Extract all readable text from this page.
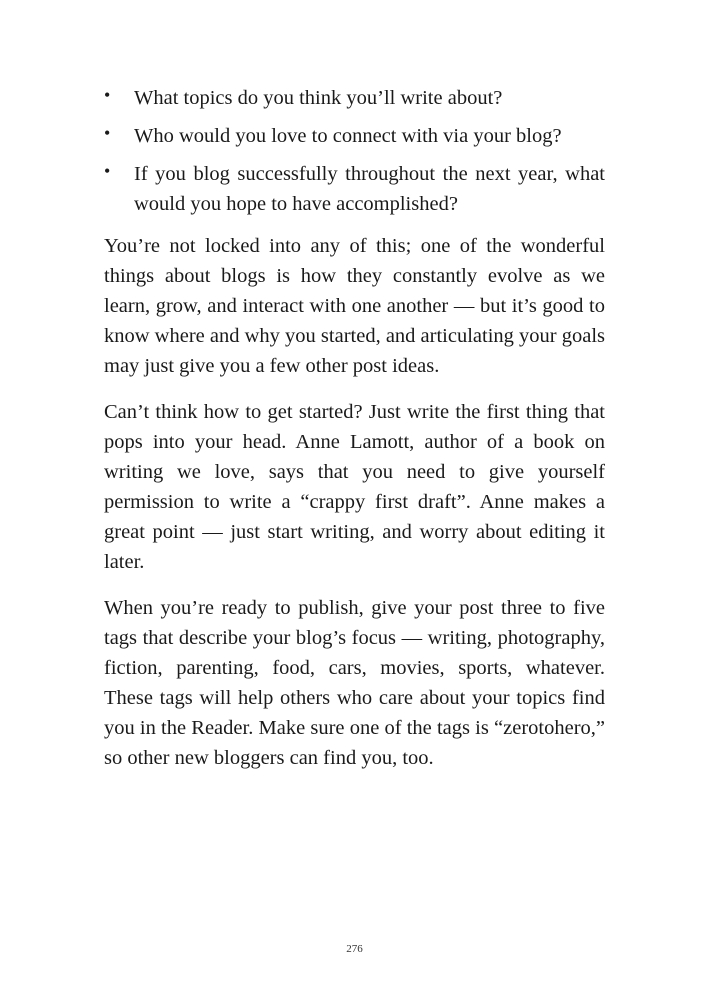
• What topics do you think you’ll write about?
• Who would you love to connect with via your blog?
• If you blog successfully throughout the next year, what would you hope to have accomplished?

You’re not locked into any of this; one of the wonderful things about blogs is how they constantly evolve as we learn, grow, and interact with one another — but it’s good to know where and why you started, and articulating your goals may just give you a few other post ideas.

Can’t think how to get started? Just write the first thing that pops into your head. Anne Lamott, author of a book on writing we love, says that you need to give yourself permission to write a “crappy first draft”. Anne makes a great point — just start writing, and worry about editing it later.

When you’re ready to publish, give your post three to five tags that describe your blog’s focus — writing, photography, fiction, parenting, food, cars, movies, sports, whatever. These tags will help others who care about your topics find you in the Reader. Make sure one of the tags is “zerotohero,” so other new bloggers can find you, too.

276
